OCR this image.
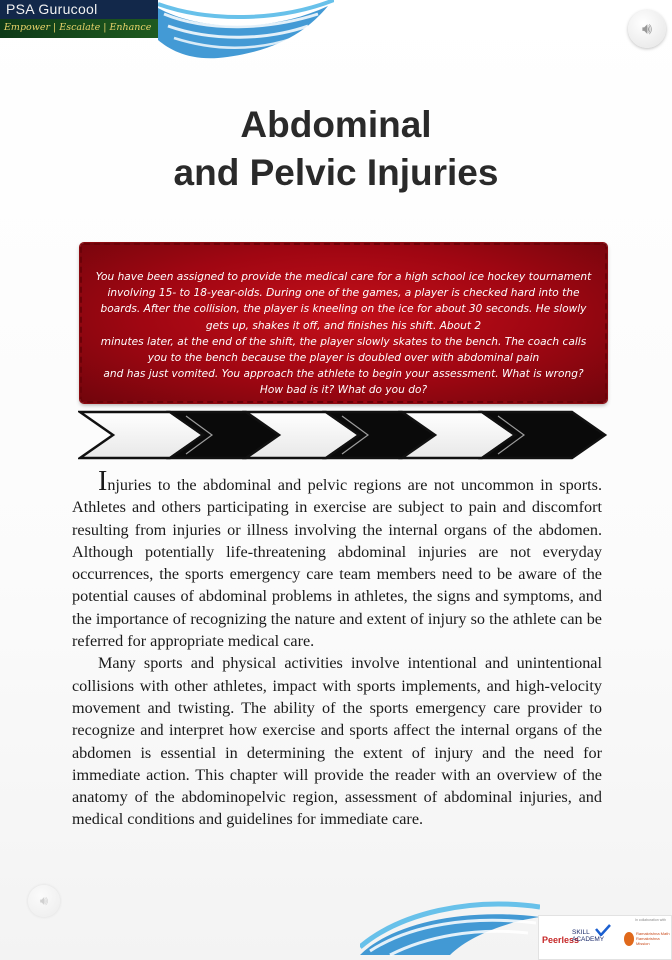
PSA Gurucool
Empower | Escalate | Enhance	🔊︎
Abdominal
and Pelvic Injuries

You have been assigned to provide the medical care for a high school ice hockey tournament

involving 15- to 18-year-olds. During one of the games, a player is checked hard into the

boards. After the collision, the player is kneeling on the ice for about 30 seconds. He slowly

gets up, shakes it off, and finishes his shift. About 2

minutes later, at the end of the shift, the player slowly skates to the bench. The coach calls

you to the bench because the player is doubled over with abdominal pain

and has just vomited. You approach the athlete to begin your assessment. What is wrong?

How bad is it? What do you do?

Injuries to the abdominal and pelvic regions are not uncommon in sports. Athletes and others participating in exercise are subject to pain and discomfort resulting from injuries or illness involving the internal organs of the abdomen. Although potentially life-threatening abdominal injuries are not everyday occurrences, the sports emergency care team members need to be aware of the potential causes of abdominal problems in athletes, the signs and symptoms, and the importance of recognizing the nature and extent of injury so the athlete can be referred for appropriate medical care.

Many sports and physical activities involve intentional and unintentional collisions with other athletes, impact with sports implements, and high-velocity movement and twisting. The ability of the sports emergency care provider to recognize and interpret how exercise and sports affect the internal organs of the abdomen is essential in determining the extent of injury and the need for immediate action. This chapter will provide the reader with an overview of the anatomy of the abdominopelvic region, assessment of abdominal injuries, and medical conditions and guidelines for immediate care.

🔊︎
Peerless
SKILL
ACADEMY
In collaboration with
Ramakrishna Math
Ramakrishna Mission
